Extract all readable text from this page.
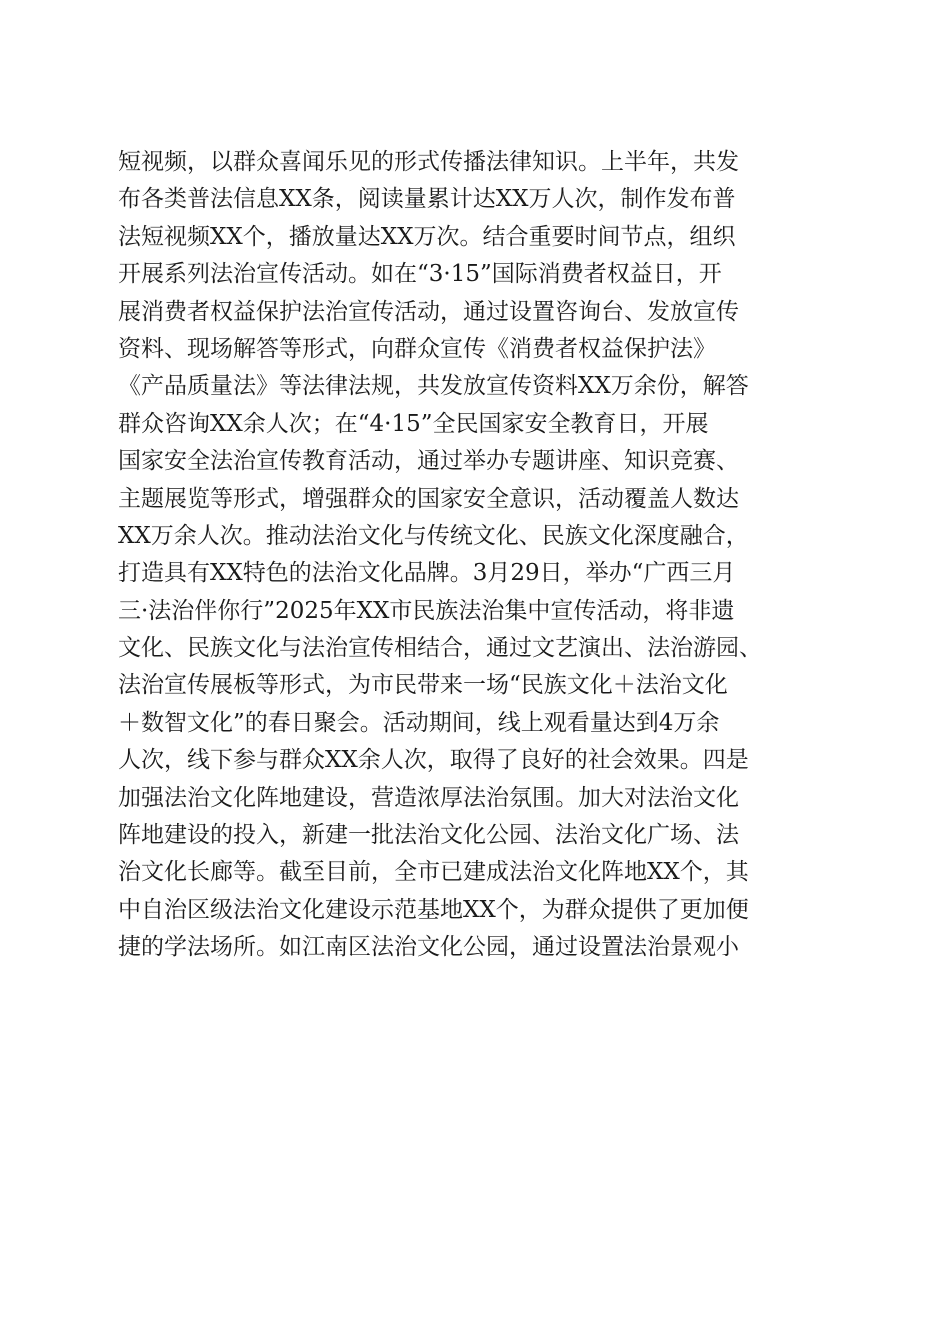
短视频，以群众喜闻乐见的形式传播法律知识。上半年，共发
布各类普法信息XX条，阅读量累计达XX万人次，制作发布普
法短视频XX个，播放量达XX万次。结合重要时间节点，组织
开展系列法治宣传活动。如在“3·15”国际消费者权益日，开
展消费者权益保护法治宣传活动，通过设置咨询台、发放宣传
资料、现场解答等形式，向群众宣传《消费者权益保护法》
《产品质量法》等法律法规，共发放宣传资料XX万余份，解答
群众咨询XX余人次；在“4·15”全民国家安全教育日，开展
国家安全法治宣传教育活动，通过举办专题讲座、知识竞赛、
主题展览等形式，增强群众的国家安全意识，活动覆盖人数达
XX万余人次。推动法治文化与传统文化、民族文化深度融合，
打造具有XX特色的法治文化品牌。3月29日，举办“广西三月
三·法治伴你行”2025年XX市民族法治集中宣传活动，将非遗
文化、民族文化与法治宣传相结合，通过文艺演出、法治游园、
法治宣传展板等形式，为市民带来一场“民族文化＋法治文化
＋数智文化”的春日聚会。活动期间，线上观看量达到4万余
人次，线下参与群众XX余人次，取得了良好的社会效果。四是
加强法治文化阵地建设，营造浓厚法治氛围。加大对法治文化
阵地建设的投入，新建一批法治文化公园、法治文化广场、法
治文化长廊等。截至目前，全市已建成法治文化阵地XX个，其
中自治区级法治文化建设示范基地XX个，为群众提供了更加便
捷的学法场所。如江南区法治文化公园，通过设置法治景观小
